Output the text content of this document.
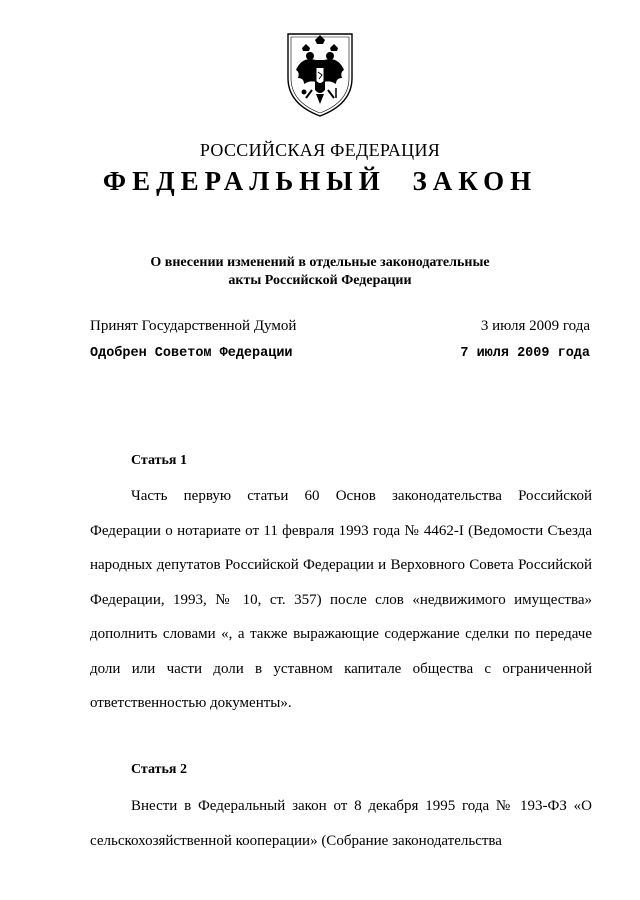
РОССИЙСКАЯ ФЕДЕРАЦИЯ
ФЕДЕРАЛЬНЫЙ ЗАКОН
О внесении изменений в отдельные законодательные акты Российской Федерации
Принят Государственной Думой	3 июля 2009 года
Одобрен Советом Федерации	7 июля 2009 года
Статья 1
Часть первую статьи 60 Основ законодательства Российской Федерации о нотариате от 11 февраля 1993 года № 4462-I (Ведомости Съезда народных депутатов Российской Федерации и Верховного Совета Российской Федерации, 1993, № 10, ст. 357) после слов «недвижимого имущества» дополнить словами «, а также выражающие содержание сделки по передаче доли или части доли в уставном капитале общества с ограниченной ответственностью документы».
Статья 2
Внести в Федеральный закон от 8 декабря 1995 года № 193-ФЗ «О сельскохозяйственной кооперации» (Собрание законодательства
